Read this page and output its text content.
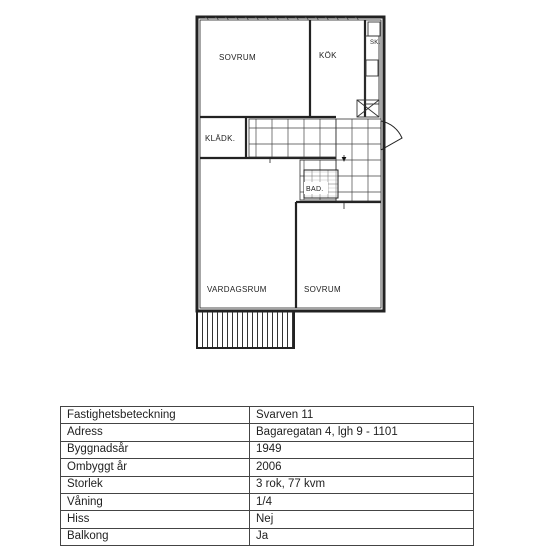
SOVRUM	KÖK
SK.
KLÄDK.
BAD.
VARDAGSRUM	SOVRUM
Fastighetsbeteckning	Svarven 11
Adress	Bagaregatan 4, lgh 9 - 1101
Byggnadsår	1949
Ombyggt år	2006
Storlek	3 rok, 77 kvm
Våning	1/4
Hiss	Nej
Balkong	Ja
